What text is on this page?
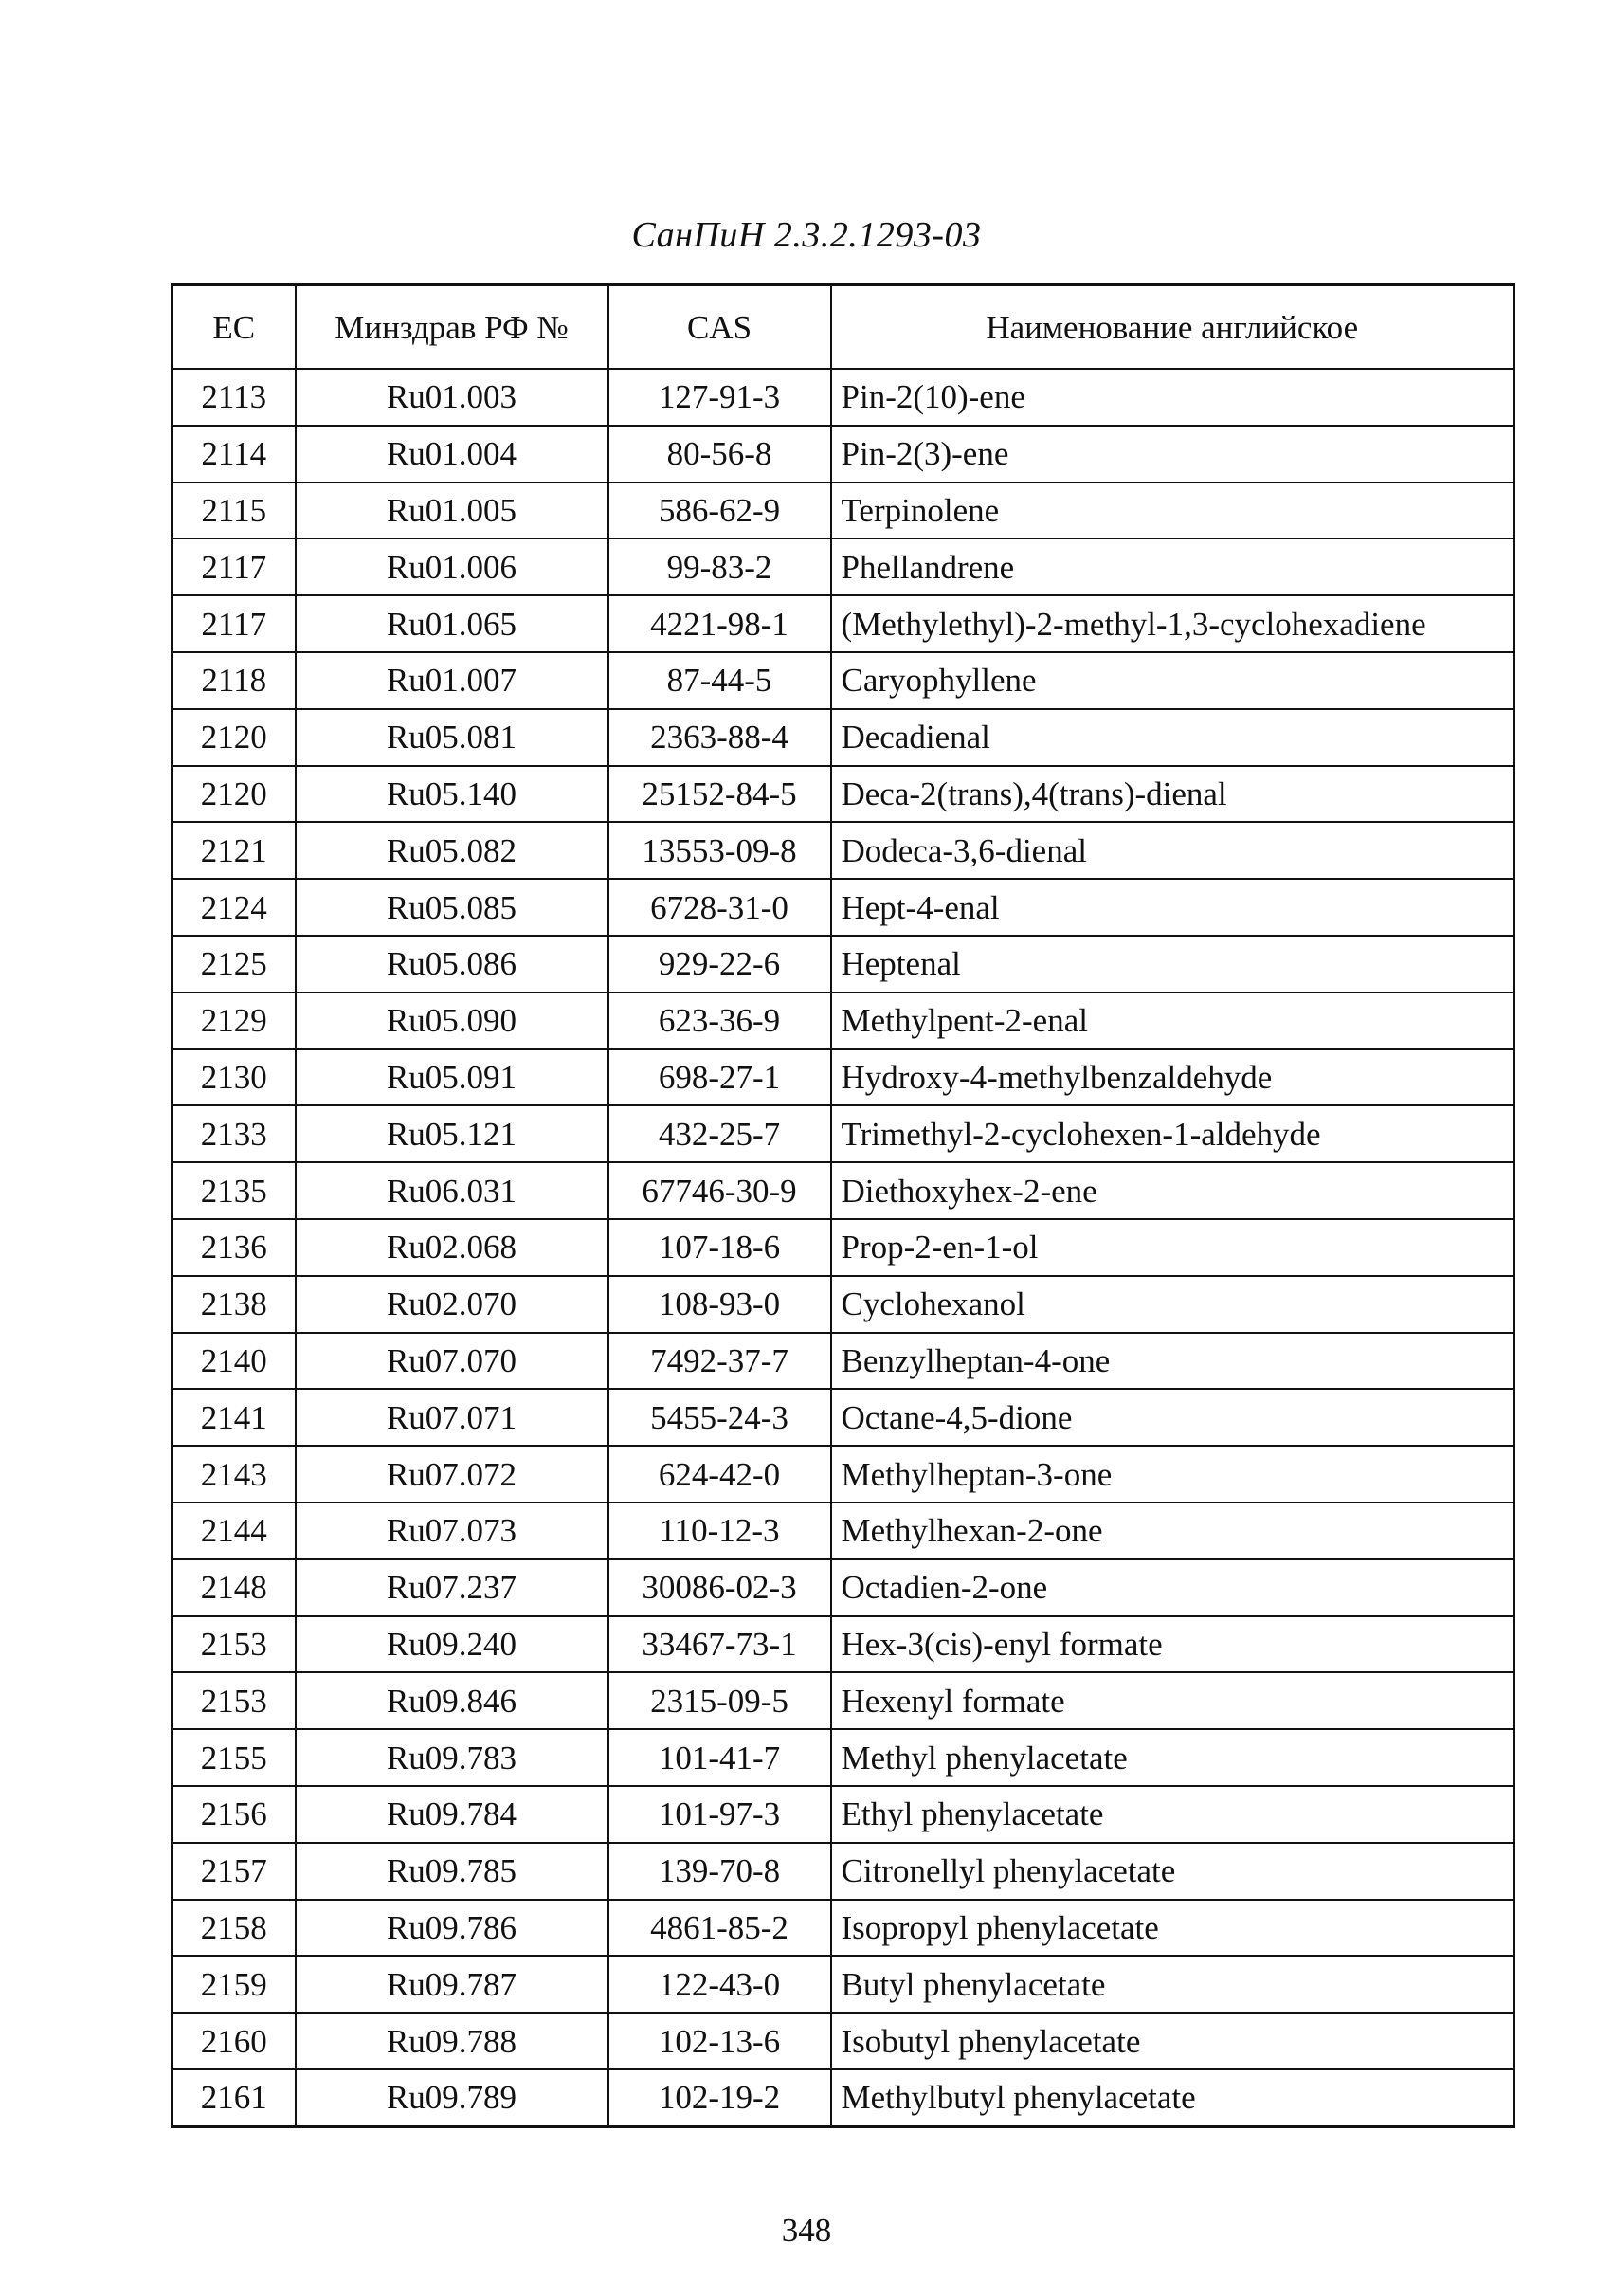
СанПиН 2.3.2.1293-03
ЕС	Минздрав РФ №	CAS	Наименование английское
2113	Ru01.003	127-91-3	Pin-2(10)-ene
2114	Ru01.004	80-56-8	Pin-2(3)-ene
2115	Ru01.005	586-62-9	Terpinolene
2117	Ru01.006	99-83-2	Phellandrene
2117	Ru01.065	4221-98-1	(Methylethyl)-2-methyl-1,3-cyclohexadiene
2118	Ru01.007	87-44-5	Caryophyllene
2120	Ru05.081	2363-88-4	Decadienal
2120	Ru05.140	25152-84-5	Deca-2(trans),4(trans)-dienal
2121	Ru05.082	13553-09-8	Dodeca-3,6-dienal
2124	Ru05.085	6728-31-0	Hept-4-enal
2125	Ru05.086	929-22-6	Heptenal
2129	Ru05.090	623-36-9	Methylpent-2-enal
2130	Ru05.091	698-27-1	Hydroxy-4-methylbenzaldehyde
2133	Ru05.121	432-25-7	Trimethyl-2-cyclohexen-1-aldehyde
2135	Ru06.031	67746-30-9	Diethoxyhex-2-ene
2136	Ru02.068	107-18-6	Prop-2-en-1-ol
2138	Ru02.070	108-93-0	Cyclohexanol
2140	Ru07.070	7492-37-7	Benzylheptan-4-one
2141	Ru07.071	5455-24-3	Octane-4,5-dione
2143	Ru07.072	624-42-0	Methylheptan-3-one
2144	Ru07.073	110-12-3	Methylhexan-2-one
2148	Ru07.237	30086-02-3	Octadien-2-one
2153	Ru09.240	33467-73-1	Hex-3(cis)-enyl formate
2153	Ru09.846	2315-09-5	Hexenyl formate
2155	Ru09.783	101-41-7	Methyl phenylacetate
2156	Ru09.784	101-97-3	Ethyl phenylacetate
2157	Ru09.785	139-70-8	Citronellyl phenylacetate
2158	Ru09.786	4861-85-2	Isopropyl phenylacetate
2159	Ru09.787	122-43-0	Butyl phenylacetate
2160	Ru09.788	102-13-6	Isobutyl phenylacetate
2161	Ru09.789	102-19-2	Methylbutyl phenylacetate
348
